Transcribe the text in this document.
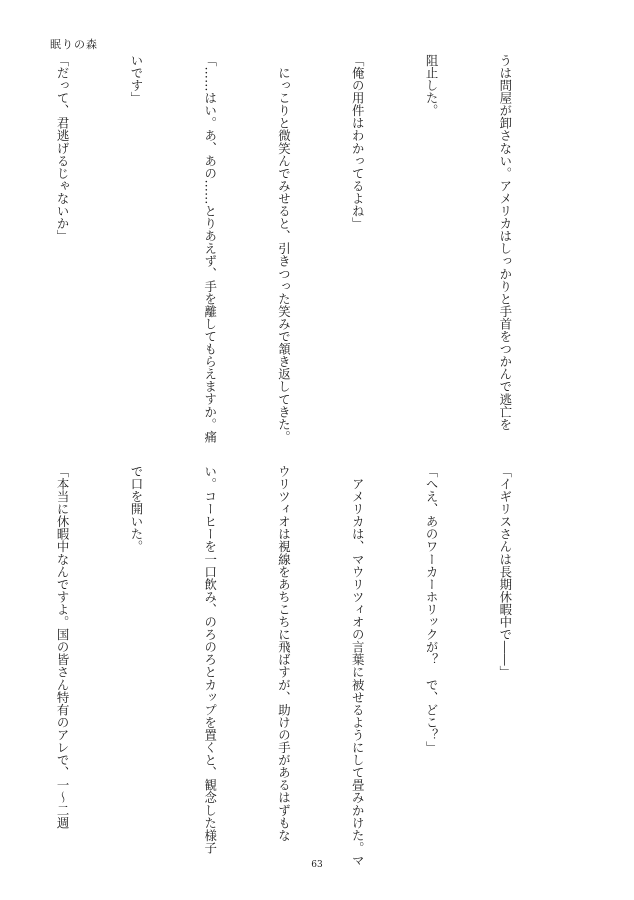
眠りの森

うは問屋が卸さない。アメリカはしっかりと手首をつかんで逃亡を

阻止した。

「俺の用件はわかってるよね」

　にっこりと微笑んでみせると、引きつった笑みで頷き返してきた。

「……はい。あ、あの……とりあえず、手を離してもらえますか。痛

いです」

「だって、君逃げるじゃないか」

「イギリスさんは長期休暇中で――」

「へえ、あのワーカーホリックが？　で、どこ？」

　アメリカは、マウリツィオの言葉に被せるようにして畳みかけた。マ

ウリツィオは視線をあちこちに飛ばすが、助けの手があるはずもな

い。コーヒーを一口飲み、のろのろとカップを置くと、観念した様子

で口を開いた。

「本当に休暇中なんですよ。国の皆さん特有のアレで、一〜二週

63
